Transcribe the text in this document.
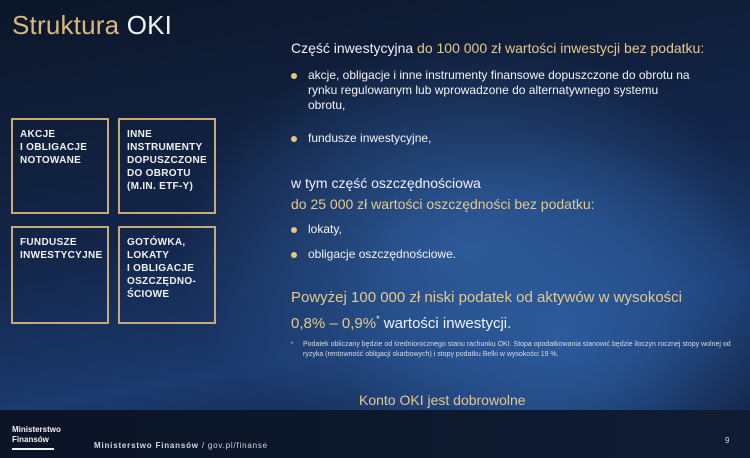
Struktura OKI
AKCJE
I OBLIGACJE
NOTOWANE
INNE
INSTRUMENTY
DOPUSZCZONE
DO OBROTU
(M.IN. ETF-Y)
FUNDUSZE
INWESTYCYJNE
GOTÓWKA,
LOKATY
I OBLIGACJE
OSZCZĘDNO-
ŚCIOWE
Część inwestycyjna do 100 000 zł wartości inwestycji bez podatku:
akcje, obligacje i inne instrumenty finansowe dopuszczone do obrotu na rynku regulowanym lub wprowadzone do alternatywnego systemu obrotu,
fundusze inwestycyjne,
w tym część oszczędnościowa
do 25 000 zł wartości oszczędności bez podatku:
lokaty,
obligacje oszczędnościowe.
Powyżej 100 000 zł niski podatek od aktywów w wysokości
0,8% – 0,9%* wartości inwestycji.
* Podatek obliczany będzie od średniorocznego stanu rachunku OKI. Stopa opodatkowania stanowić będzie iloczyn rocznej stopy wolnej od ryzyka (rentowność obligacji skarbowych) i stopy podatku Belki w wysokości 19 %.
Konto OKI jest dobrowolne
Ministerstwo
Finansów
Ministerstwo Finansów / gov.pl/finanse
9
